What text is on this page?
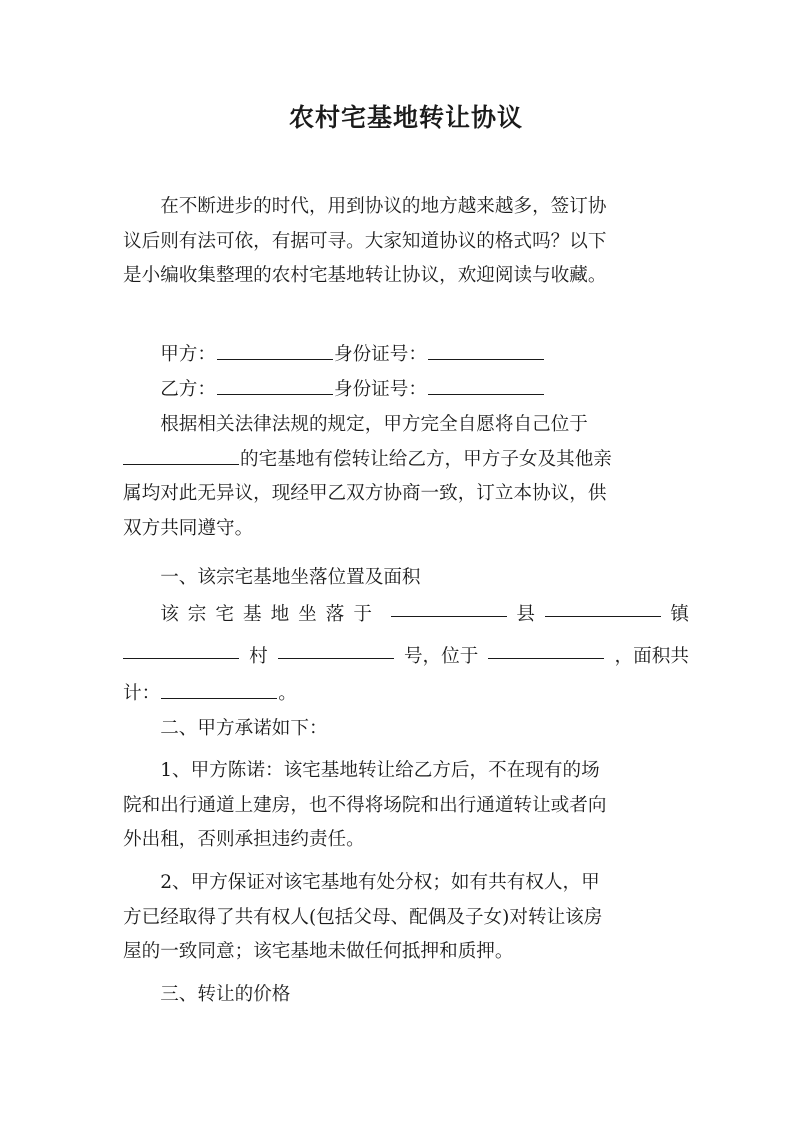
农村宅基地转让协议
在不断进步的时代，用到协议的地方越来越多，签订协
议后则有法可依，有据可寻。大家知道协议的格式吗？以下
是小编收集整理的农村宅基地转让协议，欢迎阅读与收藏。
甲方：	身份证号：
乙方：	身份证号：
根据相关法律法规的规定，甲方完全自愿将自己位于
的宅基地有偿转让给乙方，甲方子女及其他亲
属均对此无异议，现经甲乙双方协商一致，订立本协议，供
双方共同遵守。
一、该宗宅基地坐落位置及面积
该宗宅基地坐落于	县	镇
村	号，位于	，面积共
计：	。
二、甲方承诺如下：
1、甲方陈诺：该宅基地转让给乙方后，不在现有的场
院和出行通道上建房，也不得将场院和出行通道转让或者向
外出租，否则承担违约责任。
2、甲方保证对该宅基地有处分权；如有共有权人，甲
方已经取得了共有权人(包括父母、配偶及子女)对转让该房
屋的一致同意；该宅基地未做任何抵押和质押。
三、转让的价格
